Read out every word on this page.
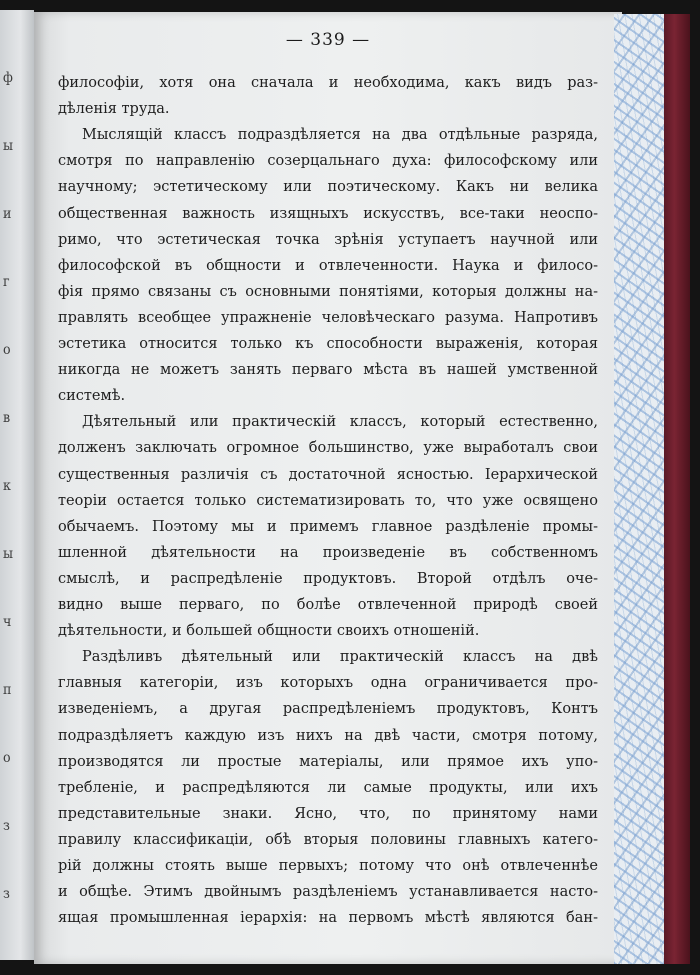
ф
ы
и
г
о
в
к
ы
ч
п
о
з
з
— 339 —
философіи, хотя она сначала и необходима, какъ видъ раз-
дѣленія труда.
Мыслящій классъ подраздѣляется на два отдѣльные разряда,
смотря по направленію созерцальнаго духа: философскому или
научному; эстетическому или поэтическому. Какъ ни велика
общественная важность изящныхъ искусствъ, все-таки неоспо-
римо, что эстетическая точка зрѣнія уступаетъ научной или
философской въ общности и отвлеченности. Наука и филосо-
фія прямо связаны съ основными понятіями, которыя должны на-
правлять всеобщее упражненіе человѣческаго разума. Напротивъ
эстетика относится только къ способности выраженія, которая
никогда не можетъ занять перваго мѣста въ нашей умственной
системѣ.
Дѣятельный или практическій классъ, который естественно,
долженъ заключать огромное большинство, уже выработалъ свои
существенныя различія съ достаточной ясностью. Іерархической
теоріи остается только систематизировать то, что уже освящено
обычаемъ. Поэтому мы и примемъ главное раздѣленіе промы-
шленной дѣятельности на произведеніе въ собственномъ
смыслѣ, и распредѣленіе продуктовъ. Второй отдѣлъ оче-
видно выше перваго, по болѣе отвлеченной природѣ своей
дѣятельности, и большей общности своихъ отношеній.
Раздѣливъ дѣятельный или практическій классъ на двѣ
главныя категоріи, изъ которыхъ одна ограничивается про-
изведеніемъ, а другая распредѣленіемъ продуктовъ, Контъ
подраздѣляетъ каждую изъ нихъ на двѣ части, смотря потому,
производятся ли простые матеріалы, или прямое ихъ упо-
требленіе, и распредѣляются ли самые продукты, или ихъ
представительные знаки. Ясно, что, по принятому нами
правилу классификаціи, обѣ вторыя половины главныхъ катего-
рій должны стоять выше первыхъ; потому что онѣ отвлеченнѣе
и общѣе. Этимъ двойнымъ раздѣленіемъ устанавливается насто-
ящая промышленная іерархія: на первомъ мѣстѣ являются бан-
